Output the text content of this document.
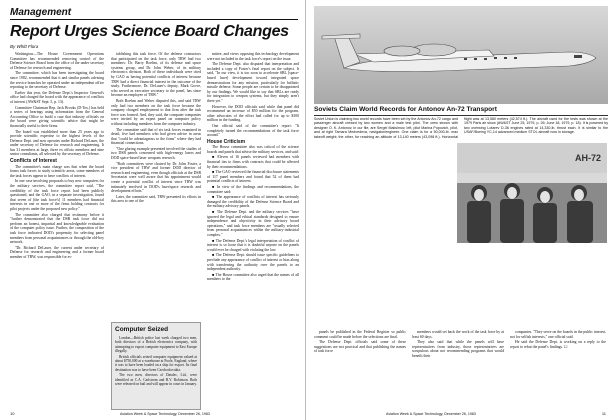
Management
Report Urges Science Board Changes
By Whitt Flora

Washington—The House Government Operations Committee has recommended removing control of the Defense Science Board from the office of the under secretary of Defense for research and engineering.

The committee, which has been investigating the board since 1982, recommended that it and similar panels advising the service branches be operated under an independent office reporting to the secretary of Defense.

Earlier this year, the Defense Dept.'s Inspector General's office had charged the board with the appearance of conflicts of interest (AW&ST Sept. 5, p. 13).

Committee Chairman Rep. Jack Brooks (D-Tex.) has held a series of hearings using information from the General Accounting Office to build a case that industry officials on the board were giving scientific advice that might be financially useful to their firms.

The board was established more than 25 years ago to provide scientific expertise to the highest levels of the Defense Dept. and now operates under Richard DeLauer, the under secretary of Defense for research and engineering. It has 31 members at large, three ex officio members and nine senior consultants, all selected by the secretary of Defense.

Conflicts of Interest

The committee's main charge was that when the board forms task forces to study scientific areas, some members of the task forces appear to have conflicts of interest.

In one case involving proposals to buy new computers for the military services, the committee report said, "The credibility of the task force report had been publicly questioned, and the GAO, in a separate investigation, found that seven of [the task force's] 11 members had financial interests in one or more of the firms holding contracts for pilot projects under the proposed new policy."

The committee also charged that testimony before it "further demonstrated that the DSB task force did not perform an honest, impartial and knowledgeable evaluation of the computer policy issue. Further, the composition of the task force indicated DOD's propensity for selecting panel members from personal acquaintances or through the old-boy network.

"Dr. Richard DeLauer, the current under secretary of Defense for research and engineering and a former board member of TRW, was responsible for es-

tablishing this task force. Of the defense contractors that participated on the task force, only TRW had two members: Dr. Barry Boehm, of its defense and space systems group, and Dr. John Weber, of its military electronics division. Both of these individuals were cited by GAO as having potential conflicts of interest because TRW had a direct financial interest in the outcome of the study. Furthermore, Dr. DeLauer's deputy, Mark Grove, who served as executive secretary to the panel, has since become an employee of TRW."

Both Boehm and Weber disputed this, and said TRW only had two members on the task force because the company charged employment to that firm after the task force was formed. And, they said, the computer companies were invited by an expert panel on computer policy without including members from the computer industry.

The committee said that of six task forces examined in detail, five had members who had given advice in areas that "could be advantageous to the firms" where they had financial connections.

"One glaring example presented involved the studies of two DSB panels concerned with high-energy lasers and DOD space-based laser weapons research.

"Both committees were chaired by Dr. John Foster, a vice president of TRW and former DOD director of research and engineering, even though officials at the DSB Secretariat were well aware that his appointment would create a potential conflict of interest since TRW was intimately involved in DOD's laser/space research and development efforts."

Later, the committee said, TRW presented its efforts in this area to one of the

Computer Seized

London—British police last week charged two men, both directors of a British electronics company, with attempting to export computer equipment to East Europe illegally.

British officials seized computer equipment valued at about $750,000 at a warehouse at Poole, England, where it was to have been loaded on a ship for export. Its final destination was to have been Czechoslovakia.

The two men, directors of Datalec, Ltd., were identified as C.A. Carlstrom and B.V. Robinson. Both were released on bail and will appear in court in January.

mittee, and views opposing this technology development were not included in the task force's report on the issue.

The Defense Dept. also disputed that interpretation and included a copy of Foster's final report on the subject. It said, "In our view, it is too soon to accelerate SBL [space-based laser] development toward integrated space demonstrations for any mission, particularly for ballistic missile defense. Some people are certain to be disappointed by our findings. We would like to say that SBLs are ready for integration to weapon systems, but they simply aren't there yet."

However, the DOD officials said while that panel did recommend an increase of $50 million for the program, other advocates of the effort had called for up to $300 million in the funding.

One official said of the committee's report: "It completely turned the recommendations of the task force around."

House Criticism

The House committee also was critical of the science boards and panels that advise the military services, and said:

■ Eleven of 16 panels reviewed had members with financial ties to firms with contracts that could be affected by their recommendations.

■ The GAO reviewed the financial disclosure statements of 117 panel members and found that 52 of them had potential conflicts of interest.

■ In view of the findings and recommendations, the committee said:

■ The appearance of conflicts of interest has seriously damaged the credibility of the Defense Science Board and the military advisory panels.

■ The Defense Dept. and the military services "have ignored the legal and ethical standards designed to ensure independence and objectivity in their advisory board operations," and task force members are "usually selected from personal acquaintances within the military-industrial complex."

■ The Defense Dept.'s legal interpretation of conflict of interest is so loose that it is doubtful anyone on the panels would ever be charged with violating the law.

■ The Defense Dept. should issue specific guidelines to preclude any appearance of conflict of interest or bias along with transferring the authority over the panels to an independent authority.

■ The House committee also urged that the names of all members to the

10	Aviation Week & Space Technology, December 26, 1983
Soviets Claim World Records for Antonov An-72 Transport
Soviet Union is claiming two world records have been set by the Antonov An-72 cargo and passenger aircraft crewed by two women and a male test pilot. The crew shown with designer O. K. Antonov, in our file, are Sergei Maksimov, left, pilot Marina Popovich, pilot, and at right Tamara Medvedeva, navigator/engineer. One claim is for a 50,000-lb. max takeoff weight; the other, for reaching an altitude of 13,140 meters (43,098 ft.). Horizontal flight was at 13,580 meters (42,574 ft.). The aircraft used for the tests was shown at the 1979 Paris air show (AW&ST June 25, 1979, p. 26; June 18, 1979, p. 18). It is powered by two overwing Lotarev D-36 engines rated at 14,330-lb. thrust each. It is similar to the USAF/Boeing YC-14 advanced medium STOL aircraft now in storage.
AH-72

panels be published in the Federal Register so public comment could be made before the selections are final.

The Defense Dept. officials said some of these suggestions are not practical and that publishing the names of task force

members would set back the work of the task force by at least 60 days.

They also said that while the panels will have representatives from industry, those representatives are scrupulous about not recommending programs that would benefit their

companies. "They serve on the boards in the public interest, not for selfish interests," one official said.

He said the Defense Dept. is working on a reply to the report to rebut the panel's findings. ☐

Aviation Week & Space Technology, December 26, 1983	11
